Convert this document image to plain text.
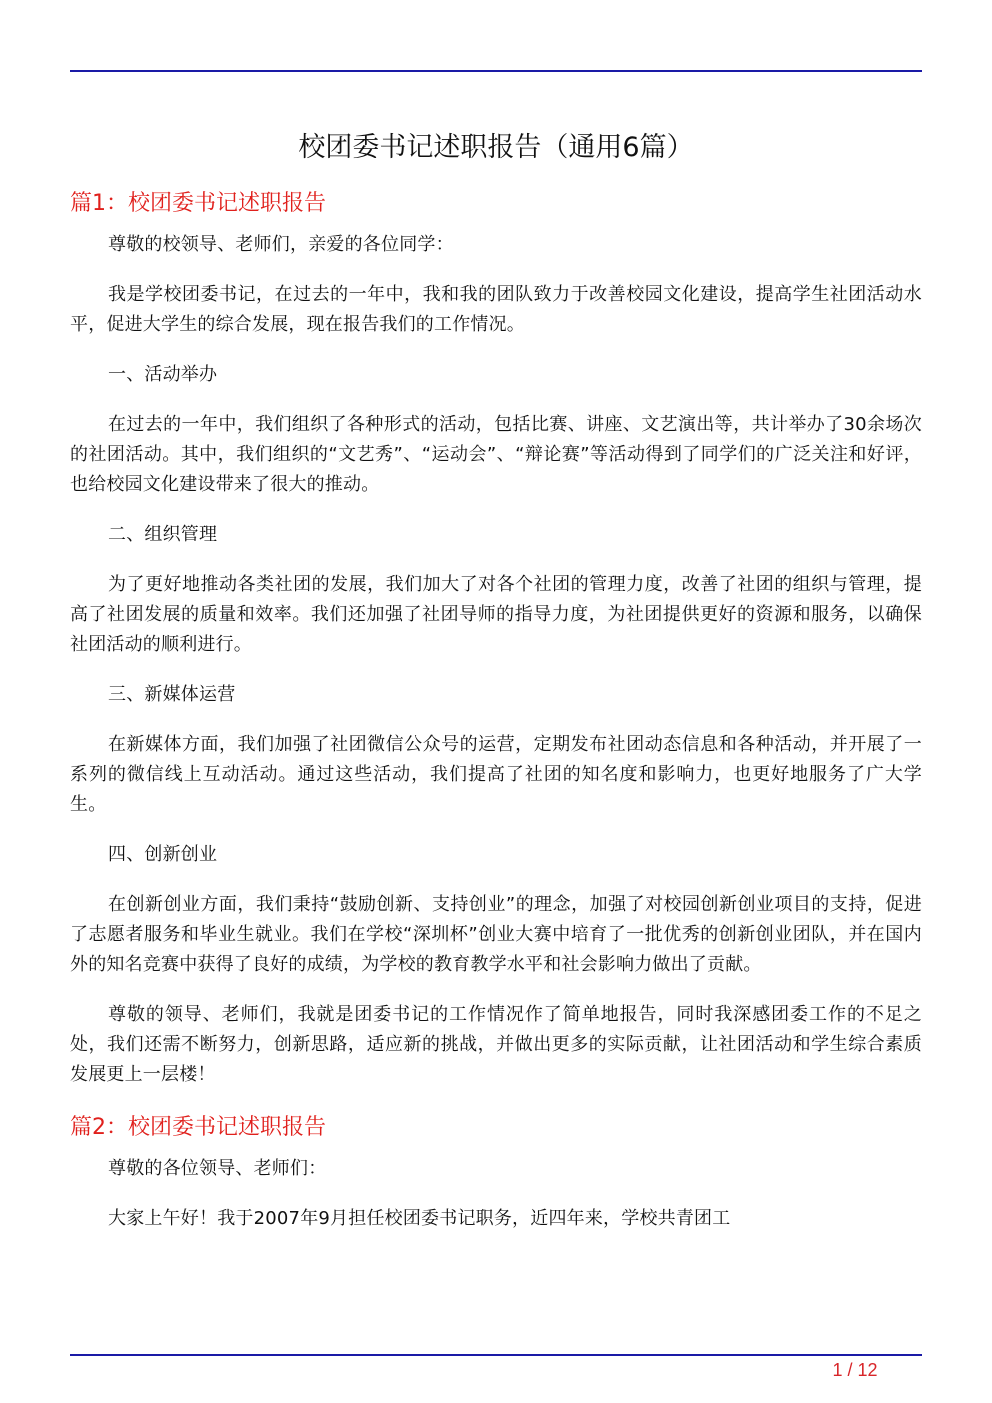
校团委书记述职报告（通用6篇）
篇1：校团委书记述职报告

尊敬的校领导、老师们，亲爱的各位同学：

我是学校团委书记，在过去的一年中，我和我的团队致力于改善校园文化建设，提高学生社团活动水平，促进大学生的综合发展，现在报告我们的工作情况。

一、活动举办

在过去的一年中，我们组织了各种形式的活动，包括比赛、讲座、文艺演出等，共计举办了30余场次的社团活动。其中，我们组织的“文艺秀”、“运动会”、“辩论赛”等活动得到了同学们的广泛关注和好评，也给校园文化建设带来了很大的推动。

二、组织管理

为了更好地推动各类社团的发展，我们加大了对各个社团的管理力度，改善了社团的组织与管理，提高了社团发展的质量和效率。我们还加强了社团导师的指导力度，为社团提供更好的资源和服务，以确保社团活动的顺利进行。

三、新媒体运营

在新媒体方面，我们加强了社团微信公众号的运营，定期发布社团动态信息和各种活动，并开展了一系列的微信线上互动活动。通过这些活动，我们提高了社团的知名度和影响力，也更好地服务了广大学生。

四、创新创业

在创新创业方面，我们秉持“鼓励创新、支持创业”的理念，加强了对校园创新创业项目的支持，促进了志愿者服务和毕业生就业。我们在学校“深圳杯”创业大赛中培育了一批优秀的创新创业团队，并在国内外的知名竞赛中获得了良好的成绩，为学校的教育教学水平和社会影响力做出了贡献。

尊敬的领导、老师们，我就是团委书记的工作情况作了简单地报告，同时我深感团委工作的不足之处，我们还需不断努力，创新思路，适应新的挑战，并做出更多的实际贡献，让社团活动和学生综合素质发展更上一层楼！

篇2：校团委书记述职报告

尊敬的各位领导、老师们：

大家上午好！我于2007年9月担任校团委书记职务，近四年来，学校共青团工

1 / 12
